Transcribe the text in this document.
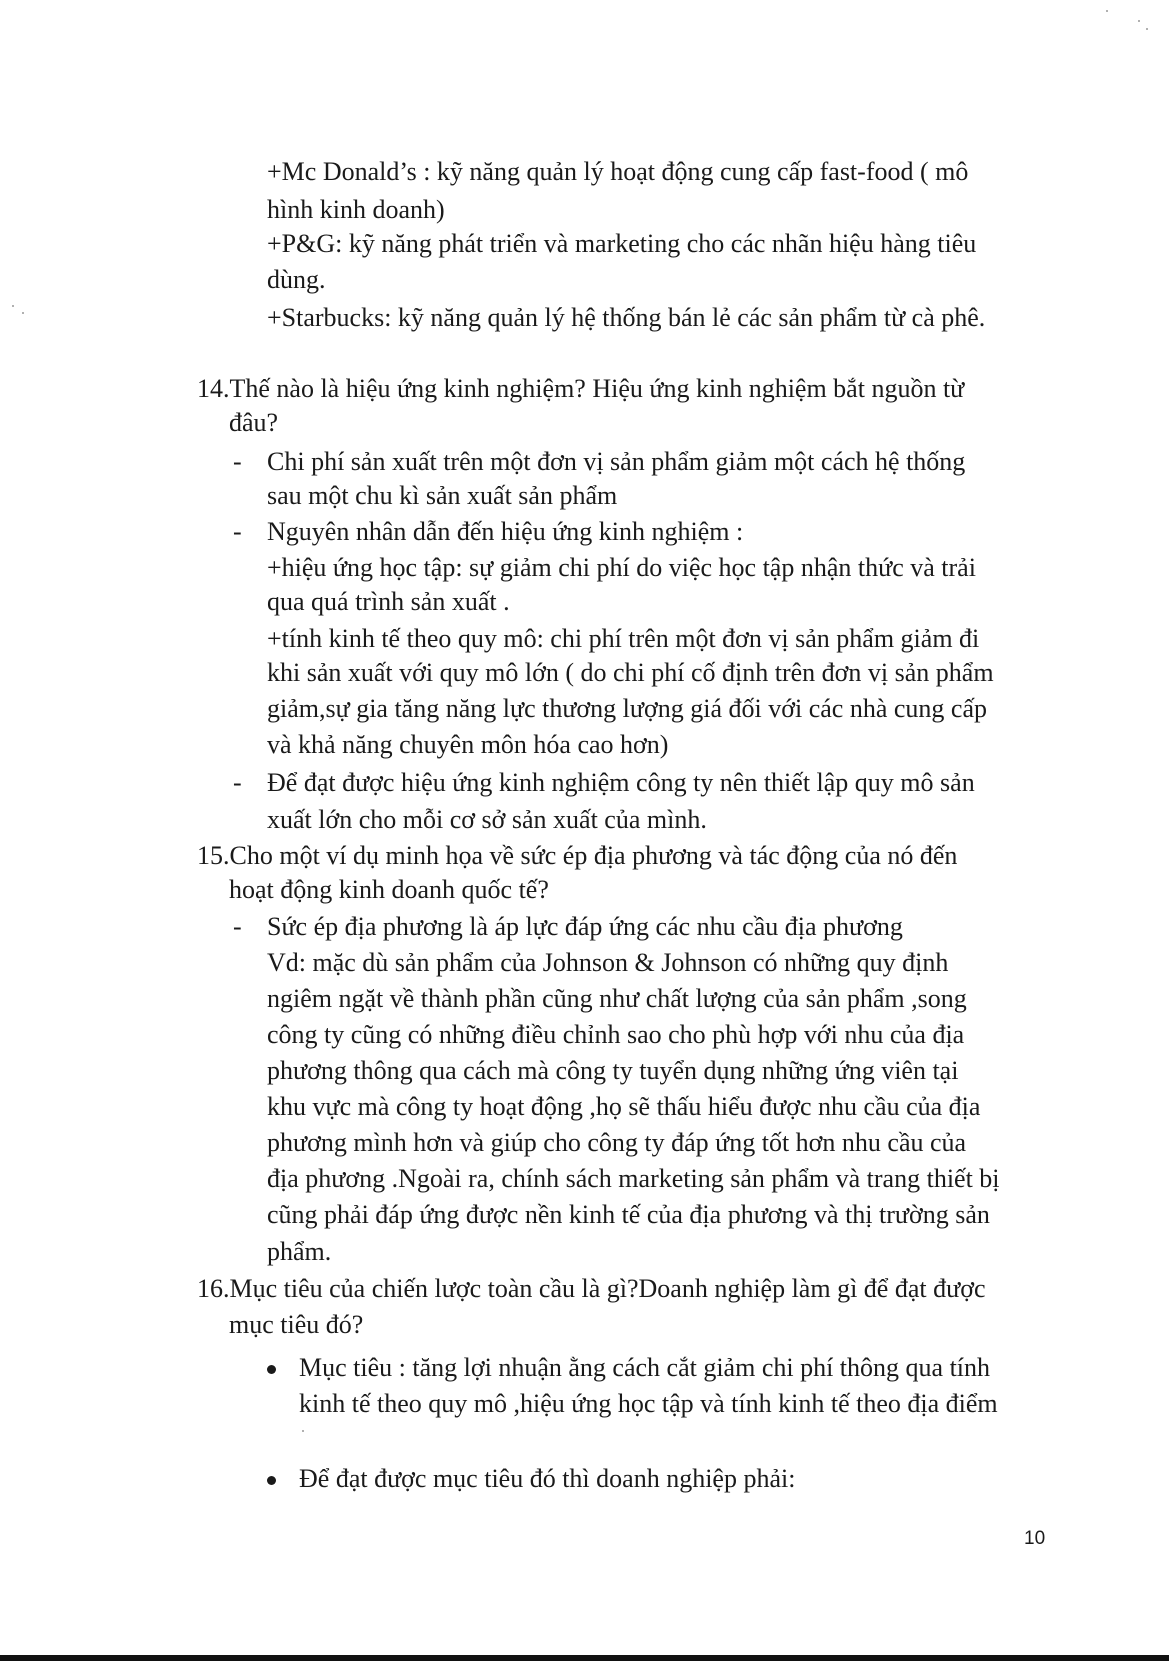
+Mc Donald’s : kỹ năng quản lý hoạt động cung cấp fast-food ( mô
hình kinh doanh)
+P&G: kỹ năng phát triển và marketing cho các nhãn hiệu hàng tiêu
dùng.
+Starbucks: kỹ năng quản lý hệ thống bán lẻ các sản phẩm từ cà phê.
14.Thế nào là hiệu ứng kinh nghiệm? Hiệu ứng kinh nghiệm bắt nguồn từ
đâu?
- Chi phí sản xuất trên một đơn vị sản phẩm giảm một cách hệ thống
sau một chu kì sản xuất sản phẩm
- Nguyên nhân dẫn đến hiệu ứng kinh nghiệm :
+hiệu ứng học tập: sự giảm chi phí do việc học tập nhận thức và trải
qua quá trình sản xuất .
+tính kinh tế theo quy mô: chi phí trên một đơn vị sản phẩm giảm đi
khi sản xuất với quy mô lớn ( do chi phí cố định trên đơn vị sản phẩm
giảm,sự gia tăng năng lực thương lượng giá đối với các nhà cung cấp
và khả năng chuyên môn hóa cao hơn)
- Để đạt được hiệu ứng kinh nghiệm công ty nên thiết lập quy mô sản
xuất lớn cho mỗi cơ sở sản xuất của mình.
15.Cho một ví dụ minh họa về sức ép địa phương và tác động của nó đến
hoạt động kinh doanh quốc tế?
- Sức ép địa phương là áp lực đáp ứng các nhu cầu địa phương
Vd: mặc dù sản phẩm của Johnson & Johnson có những quy định
ngiêm ngặt về thành phần cũng như chất lượng của sản phẩm ,song
công ty cũng có những điều chỉnh sao cho phù hợp với nhu của địa
phương thông qua cách mà công ty tuyển dụng những ứng viên tại
khu vực mà công ty hoạt động ,họ sẽ thấu hiểu được nhu cầu của địa
phương mình hơn và giúp cho công ty đáp ứng tốt hơn nhu cầu của
địa phương .Ngoài ra, chính sách marketing sản phẩm và trang thiết bị
cũng phải đáp ứng được nền kinh tế của địa phương và thị trường sản
phẩm.
16.Mục tiêu của chiến lược toàn cầu là gì?Doanh nghiệp làm gì để đạt được
mục tiêu đó?
Mục tiêu : tăng lợi nhuận ằng cách cắt giảm chi phí thông qua tính
kinh tế theo quy mô ,hiệu ứng học tập và tính kinh tế theo địa điểm
Để đạt được mục tiêu đó thì doanh nghiệp phải:
10
